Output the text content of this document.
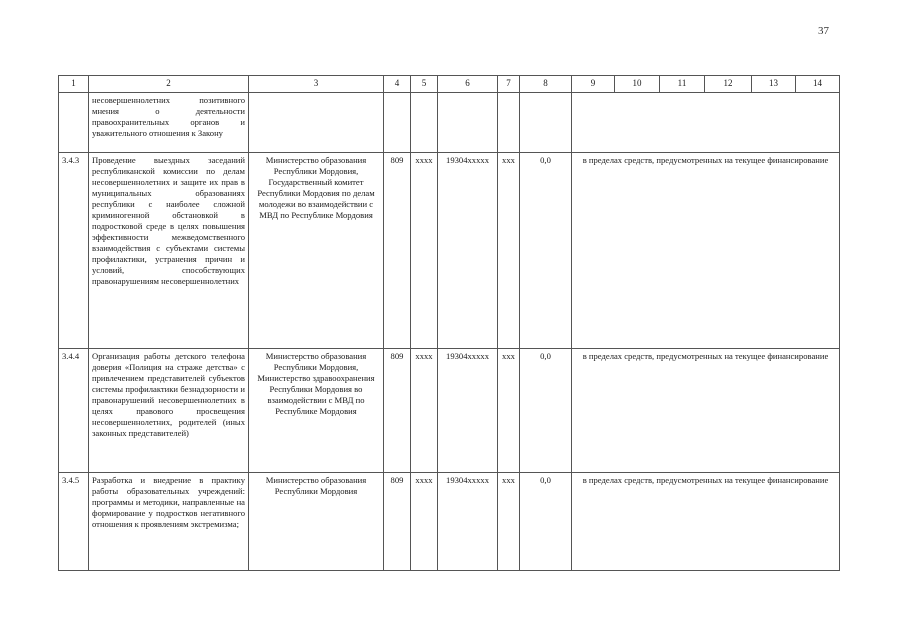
37
1	2	3	4	5	6	7	8	9	10	11	12	13	14
	несовершеннолетних позитивного мнения о деятельности правоохранительных органов и уважительного отношения к Закону												
3.4.3	Проведение выездных заседаний республиканской комиссии по делам несовершеннолетних и защите их прав в муниципальных образованиях республики с наиболее сложной криминогенной обстановкой в подростковой среде в целях повышения эффективности межведомственного взаимодействия с субъектами системы профилактики, устранения причин и условий, способствующих правонарушениям несовершеннолетних	Министерство образования Республики Мордовия, Государственный комитет Республики Мордовия по делам молодежи во взаимодействии с МВД по Республике Мордовия	809	хххх	19304ххххх	ххх	0,0	в пределах средств, предусмотренных на текущее финансирование					
3.4.4	Организация работы детского телефона доверия «Полиция на страже детства» с привлечением представителей субъектов системы профилактики безнадзорности и правонарушений несовершеннолетних в целях правового просвещения несовершеннолетних, родителей (иных законных представителей)	Министерство образования Республики Мордовия, Министерство здравоохранения Республики Мордовия во взаимодействии с МВД по Республике Мордовия	809	хххх	19304ххххх	ххх	0,0	в пределах средств, предусмотренных на текущее финансирование					
3.4.5	Разработка и внедрение в практику работы образовательных учреждений: программы и методики, направленные на формирование у подростков негативного отношения к проявлениям экстремизма;	Министерство образования Республики Мордовия	809	хххх	19304ххххх	ххх	0,0	в пределах средств, предусмотренных на текущее финансирование					
